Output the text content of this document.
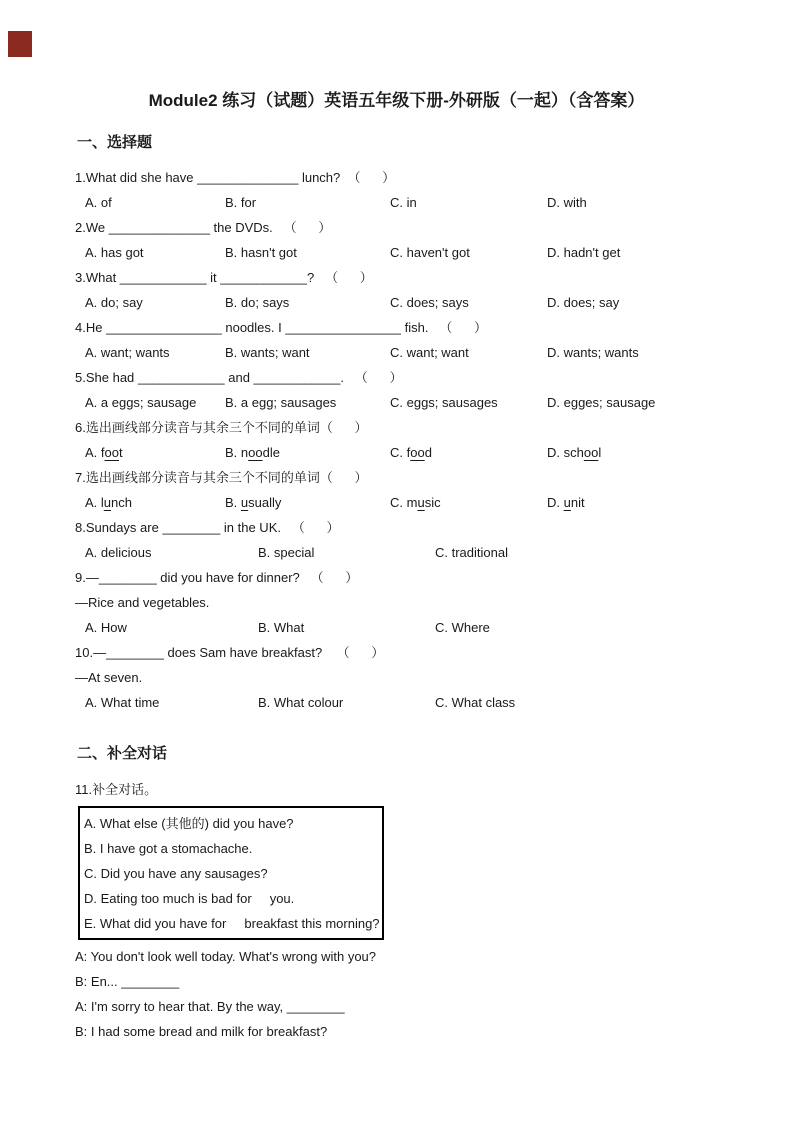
Module2 练习（试题）英语五年级下册-外研版（一起）（含答案）
一、选择题
1.What did she have ______________ lunch?  （      ）
A. of	B. for	C. in	D. with
2.We ______________ the DVDs.   （      ）
A. has got	B. hasn't got	C. haven't got	D. hadn't get
3.What ____________ it ____________?   （      ）
A. do; say	B. do; says	C. does; says	D. does; say
4.He ________________ noodles. I ________________ fish.   （      ）
A. want; wants	B. wants; want	C. want; want	D. wants; wants
5.She had ____________ and ____________.   （      ）
A. a eggs; sausage	B. a egg; sausages	C. eggs; sausages	D. egges; sausage
6.选出画线部分读音与其余三个不同的单词（      ）
A. foot	B. noodle	C. food	D. school
7.选出画线部分读音与其余三个不同的单词（      ）
A. lunch	B. usually	C. music	D. unit
8.Sundays are ________ in the UK.   （      ）
A. delicious	B. special	C. traditional
9.—________ did you have for dinner?   （      ）
—Rice and vegetables.
A. How	B. What	C. Where
10.—________ does Sam have breakfast?    （      ）
—At seven.
A. What time	B. What colour	C. What class
二、补全对话
11.补全对话。
A. What else (其他的) did you have?
B. I have got a stomachache.
C. Did you have any sausages?
D. Eating too much is bad for     you.
E. What did you have for     breakfast this morning?
A: You don't look well today. What's wrong with you?
B: En... ________
A: I'm sorry to hear that. By the way, ________
B: I had some bread and milk for breakfast?
